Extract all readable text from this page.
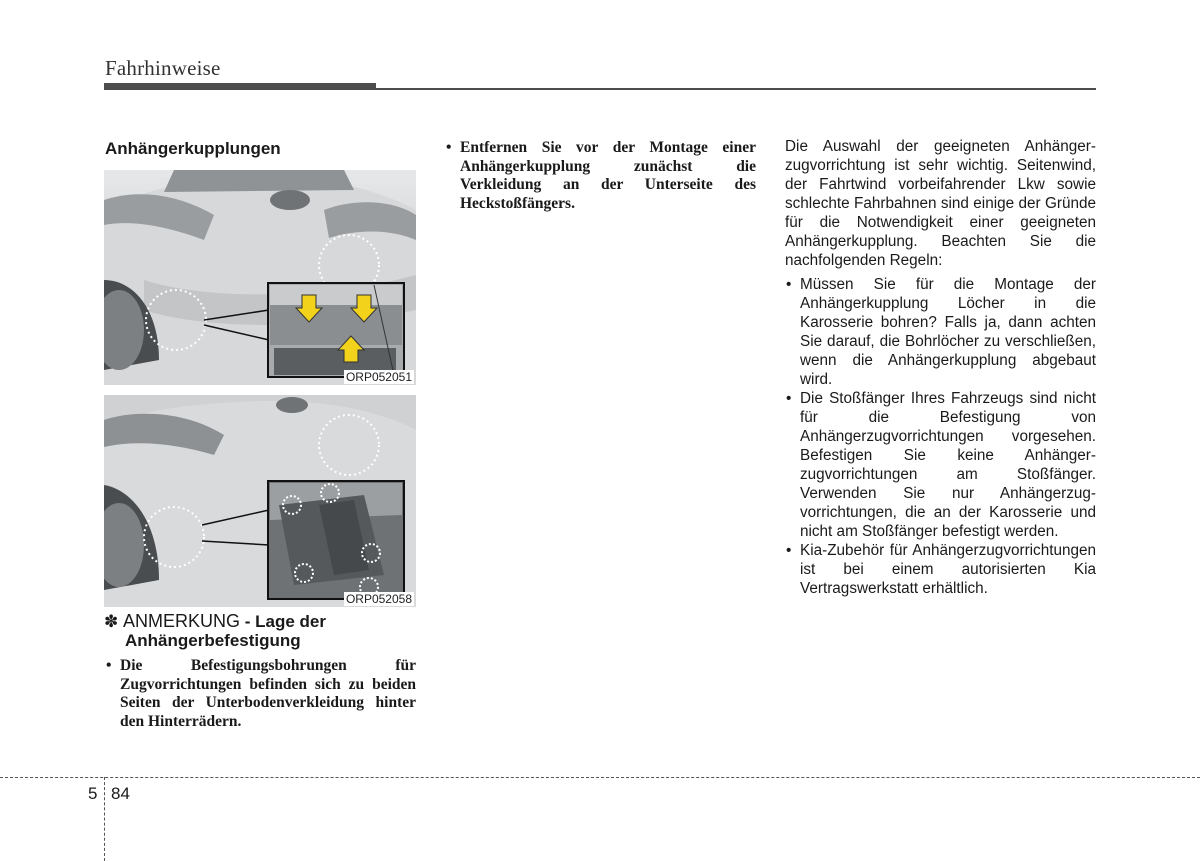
Fahrhinweise
Anhängerkupplungen
ORP052051
ORP052058
✽ ANMERKUNG - Lage der
Anhängerbefestigung
• Die Befestigungsbohrungen für Zugvorrichtungen befinden sich zu beiden Seiten der Unterbodenverkleidung hinter den Hinterrädern.
• Entfernen Sie vor der Montage einer Anhängerkupplung zunächst die Verkleidung an der Unterseite des Heckstoßfängers.

Die Auswahl der geeigneten Anhängerzugvorrichtung ist sehr wichtig. Seitenwind, der Fahrtwind vorbeifahrender Lkw sowie schlechte Fahrbahnen sind einige der Gründe für die Notwendigkeit einer geeigneten Anhängerkupplung. Beachten Sie die nachfolgenden Regeln:

• Müssen Sie für die Montage der Anhängerkupplung Löcher in die Karosserie bohren? Falls ja, dann achten Sie darauf, die Bohrlöcher zu verschließen, wenn die Anhängerkupplung abgebaut wird.
• Die Stoßfänger Ihres Fahrzeugs sind nicht für die Befestigung von Anhängerzugvorrichtungen vorgesehen. Befestigen Sie keine Anhängerzugvorrichtungen am Stoßfänger. Verwenden Sie nur Anhängerzugvorrichtungen, die an der Karosserie und nicht am Stoßfänger befestigt werden.
• Kia-Zubehör für Anhängerzugvorrichtungen ist bei einem autorisierten Kia Vertragswerkstatt erhältlich.
5 84
